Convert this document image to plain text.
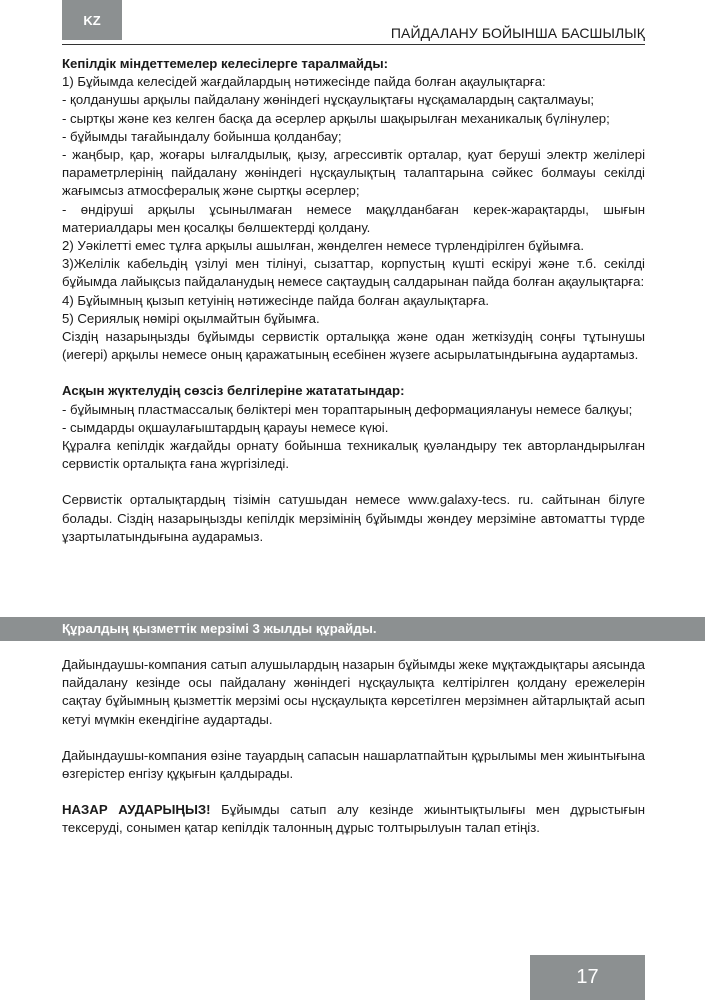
KZ
ПАЙДАЛАНУ БОЙЫНША БАСШЫЛЫҚ

Кепілдік міндеттемелер келесілерге таралмайды:

1) Бұйымда келесідей жағдайлардың нәтижесінде пайда болған ақаулықтарға:

- қолданушы арқылы пайдалану жөніндегі нұсқаулықтағы нұсқамалардың сақталмауы;

- сыртқы және кез келген басқа да әсерлер арқылы шақырылған механикалық бүлінулер;

- бұйымды тағайындалу бойынша қолданбау;

- жаңбыр, қар, жоғары ылғалдылық, қызу, агрессивтік орталар, қуат беруші электр желілері параметрлерінің пайдалану жөніндегі нұсқаулықтың талаптарына сәйкес болмауы секілді жағымсыз атмосфералық және сыртқы әсерлер;

- өндіруші арқылы ұсынылмаған немесе мақұлданбаған керек-жарақтарды, шығын материалдары мен қосалқы бөлшектерді қолдану.

2) Уәкілетті емес тұлға арқылы ашылған, жөнделген немесе түрлендірілген бұйымға.

3)Желілік кабельдің үзілуі мен тілінуі, сызаттар, корпустың күшті ескіруі және т.б. секілді бұйымда лайықсыз пайдаланудың немесе сақтаудың салдарынан пайда болған ақаулықтарға:

4) Бұйымның қызып кетуінің нәтижесінде пайда болған ақаулықтарға.

5) Сериялық нөмірі оқылмайтын бұйымға.

Сіздің назарыңызды бұйымды сервистік орталыққа және одан жеткізудің соңғы тұтынушы (иегері) арқылы немесе оның қаражатының есебінен жүзеге асырылатындығына аудартамыз.

Асқын жүктелудің сөзсіз белгілеріне жатататындар:

- бұйымның пластмассалық бөліктері мен тораптарының деформациялануы немесе балқуы;

- сымдарды оқшаулағыштардың қарауы немесе күюі.

Құралға кепілдік жағдайды орнату бойынша техникалық қуәландыру тек авторландырылған сервистік орталықта ғана жүргізіледі.

Сервистік орталықтардың тізімін сатушыдан немесе www.galaxy-tecs. ru. сайтынан білуге болады. Сіздің назарыңызды кепілдік мерзімінің бұйымды жөндеу мерзіміне автоматты түрде ұзартылатындығына аударамыз.

Құралдың қызметтік мерзімі 3 жылды құрайды.

Дайындаушы-компания сатып алушылардың назарын бұйымды жеке мұқтаждықтары аясында пайдалану кезінде осы пайдалану жөніндегі нұсқаулықта келтірілген қолдану ережелерін сақтау бұйымның қызметтік мерзімі осы нұсқаулықта көрсетілген мерзімнен айтарлықтай асып кетуі мүмкін екендігіне аудартады.

Дайындаушы-компания өзіне тауардың сапасын нашарлатпайтын құрылымы мен жиынтығына өзгерістер енгізу құқығын қалдырады.

НАЗАР АУДАРЫҢЫЗ! Бұйымды сатып алу кезінде жиынтықтылығы мен дұрыстығын тексеруді, сонымен қатар кепілдік талонның дұрыс толтырылуын талап етіңіз.

17
